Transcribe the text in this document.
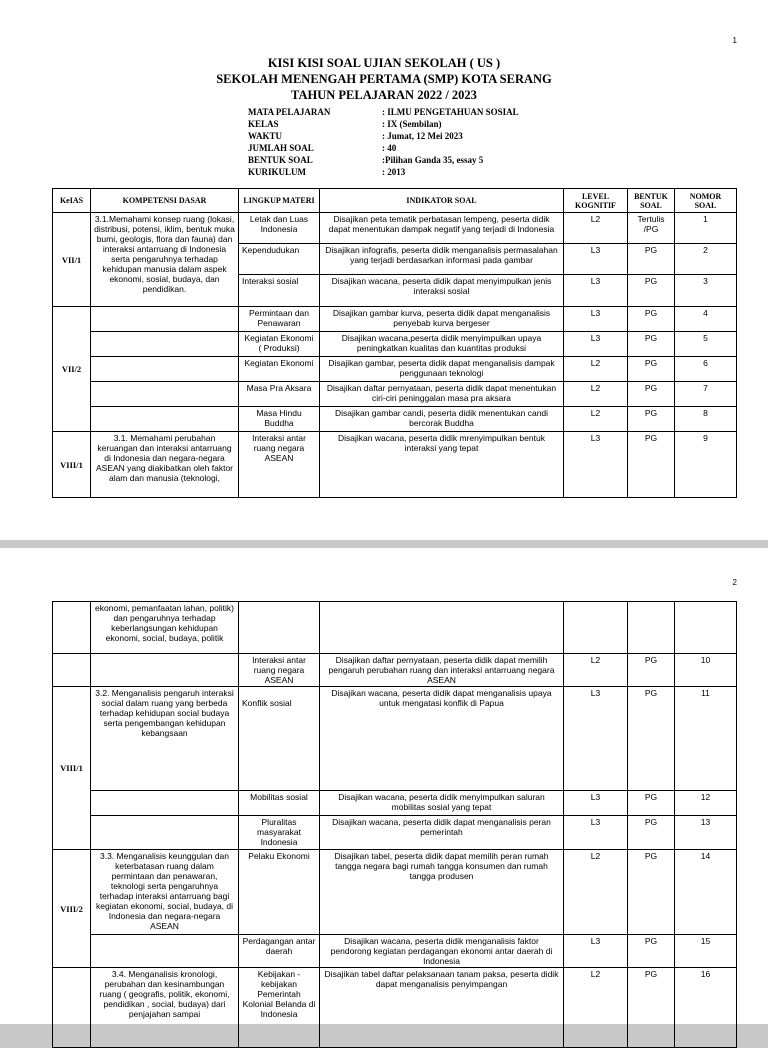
1
KISI KISI SOAL UJIAN SEKOLAH ( US )
SEKOLAH MENENGAH PERTAMA (SMP) KOTA SERANG
TAHUN PELAJARAN 2022 / 2023
MATA PELAJARAN	: ILMU PENGETAHUAN SOSIAL
KELAS	: IX (Sembilan)
WAKTU	: Jumat, 12 Mei 2023
JUMLAH SOAL	: 40
BENTUK SOAL	:Pilihan Ganda 35, essay 5
KURIKULUM	: 2013
KeIAS	KOMPETENSI DASAR	LINGKUP MATERI	INDIKATOR SOAL	LEVEL KOGNITIF	BENTUK SOAL	NOMOR SOAL
VII/1	3.1.Memahami konsep ruang (lokasi, distribusi, potensi, iklim, bentuk muka bumi, geologis, flora dan fauna) dan interaksi antarruang di Indonesia serta pengaruhnya terhadap kehidupan manusia dalam aspek ekonomi, sosial, budaya, dan pendidikan.	Letak dan Luas Indonesia	Disajikan peta tematik perbatasan lempeng, peserta didik dapat menentukan dampak negatif yang terjadi di Indonesia	L2	Tertulis /PG	1
		Kependudukan	Disajikan infografis, peserta didik menganalisis permasalahan yang terjadi berdasarkan informasi pada gambar	L3	PG	2
		Interaksi sosial	Disajikan wacana, peserta didik dapat menyimpulkan jenis interaksi sosial	L3	PG	3
VII/2		Permintaan dan Penawaran	Disajikan gambar kurva, peserta didik dapat menganalisis penyebab kurva bergeser	L3	PG	4
		Kegiatan Ekonomi ( Produksi)	Disajikan wacana,peserta didik menyimpulkan upaya peningkatkan kualitas dan kuantitas produksi	L3	PG	5
		Kegiatan Ekonomi	Disajikan gambar, peserta didik dapat menganalisis dampak penggunaan teknologi	L2	PG	6
		Masa Pra Aksara	Disajikan daftar pernyataan, peserta didik dapat menentukan ciri-ciri peninggalan masa pra aksara	L2	PG	7
		Masa Hindu Buddha	Disajikan gambar candi, peserta didik menentukan candi bercorak Buddha	L2	PG	8
VIII/1	3.1. Memahami perubahan keruangan dan interaksi antarruang di Indonesia dan negara-negara ASEAN yang diakibatkan oleh faktor alam dan manusia (teknologi,	Interaksi antar ruang negara ASEAN	Disajikan wacana, peserta didik mrenyimpulkan bentuk interaksi yang tepat	L3	PG	9
2
	ekonomi, pemanfaatan lahan, politik) dan pengaruhnya terhadap keberlangsungan kehidupan ekonomi, social, budaya, politik					
		Interaksi antar ruang negara ASEAN	Disajikan daftar pernyataan, peserta didik dapat memilih pengaruh perubahan ruang dan interaksi antarruang negara ASEAN	L2	PG	10
VIII/1	3.2. Menganalisis pengaruh interaksi social dalam ruang yang berbeda terhadap kehidupan social budaya serta pengembangan kehidupan kebangsaan	Konflik sosial	Disajikan wacana, peserta didik dapat menganalisis upaya untuk mengatasi konflik di Papua	L3	PG	11
		Mobilitas sosial	Disajikan wacana, peserta didik menyimpulkan saluran mobilitas sosial yang tepat	L3	PG	12
		Pluralitas masyarakat Indonesia	Disajikan wacana, peserta didik dapat menganalisis peran pemerintah	L3	PG	13
VIII/2	3.3. Menganalisis keunggulan dan keterbatasan ruang dalam permintaan dan penawaran, teknologi serta pengaruhnya terhadap interaksi antarruang bagi kegiatan ekonomi, social, budaya, di Indonesia dan negara-negara ASEAN	Pelaku Ekonomi	Disajikan tabel, peserta didik dapat memilih peran rumah tangga negara bagi rumah tangga konsumen dan rumah tangga produsen	L2	PG	14
		Perdagangan antar daerah	Disajikan wacana, peserta didik menganalisis faktor pendorong kegiatan perdagangan ekonomi antar daerah di Indonesia	L3	PG	15
	3.4. Menganalisis kronologi, perubahan dan kesinambungan ruang ( geografis, politik, ekonomi, pendidikan , social, budaya) dari penjajahan sampai	Kebijakan - kebijakan Pemerintah Kolonial Belanda di Indonesia	Disajikan tabel daftar pelaksanaan tanam paksa, peserta didik dapat menganalisis penyimpangan	L2	PG	16
